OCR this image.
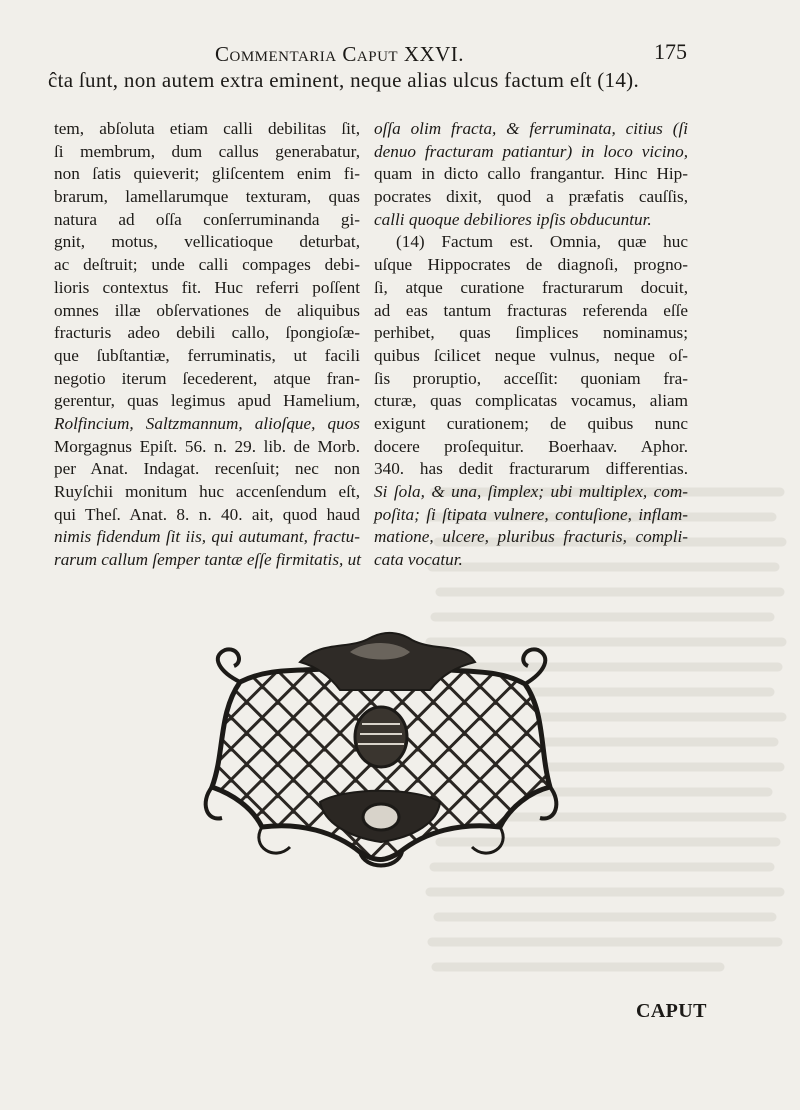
Commentaria Caput XXVI.	175
ĉta ſunt, non autem extra eminent, neque alias ulcus factum eſt (14).
tem, abſoluta etiam calli debilitas ſit,
ſi membrum, dum callus generabatur,
non ſatis quieverit; gliſcentem enim fi-
brarum, lamellarumque texturam, quas
natura ad oſſa conſerruminanda gi-
gnit, motus, vellicatioque deturbat,
ac deſtruit; unde calli compages debi-
lioris contextus fit. Huc referri poſſent
omnes illæ obſervationes de aliquibus
fracturis adeo debili callo, ſpongioſæ-
que ſubſtantiæ, ferruminatis, ut facili
negotio iterum ſecederent, atque fran-
gerentur, quas legimus apud Hamelium,
Rolfincium, Saltzmannum, alioſque, quos
Morgagnus Epiſt. 56. n. 29. lib. de Morb.
per Anat. Indagat. recenſuit; nec non
Ruyſchii monitum huc accenſendum eſt,
qui Theſ. Anat. 8. n. 40. ait, quod haud
nimis fidendum ſit iis, qui autumant, fractu-
rarum callum ſemper tantæ eſſe firmitatis, ut
oſſa olim fracta, & ferruminata, citius (ſi
denuo fracturam patiantur) in loco vicino,
quam in dicto callo frangantur. Hinc Hip-
pocrates dixit, quod a præfatis cauſſis,
calli quoque debiliores ipſis obducuntur.
(14) Factum est. Omnia, quæ huc
uſque Hippocrates de diagnoſi, progno-
ſi, atque curatione fracturarum docuit,
ad eas tantum fracturas referenda eſſe
perhibet, quas ſimplices nominamus;
quibus ſcilicet neque vulnus, neque oſ-
ſis proruptio, acceſſit: quoniam fra-
cturæ, quas complicatas vocamus, aliam
exigunt curationem; de quibus nunc
docere proſequitur. Boerhaav. Aphor.
340. has dedit fracturarum differentias.
Si ſola, & una, ſimplex; ubi multiplex, com-
poſita; ſi ſtipata vulnere, contuſione, inflam-
matione, ulcere, pluribus fracturis, compli-
cata vocatur.
CAPUT
